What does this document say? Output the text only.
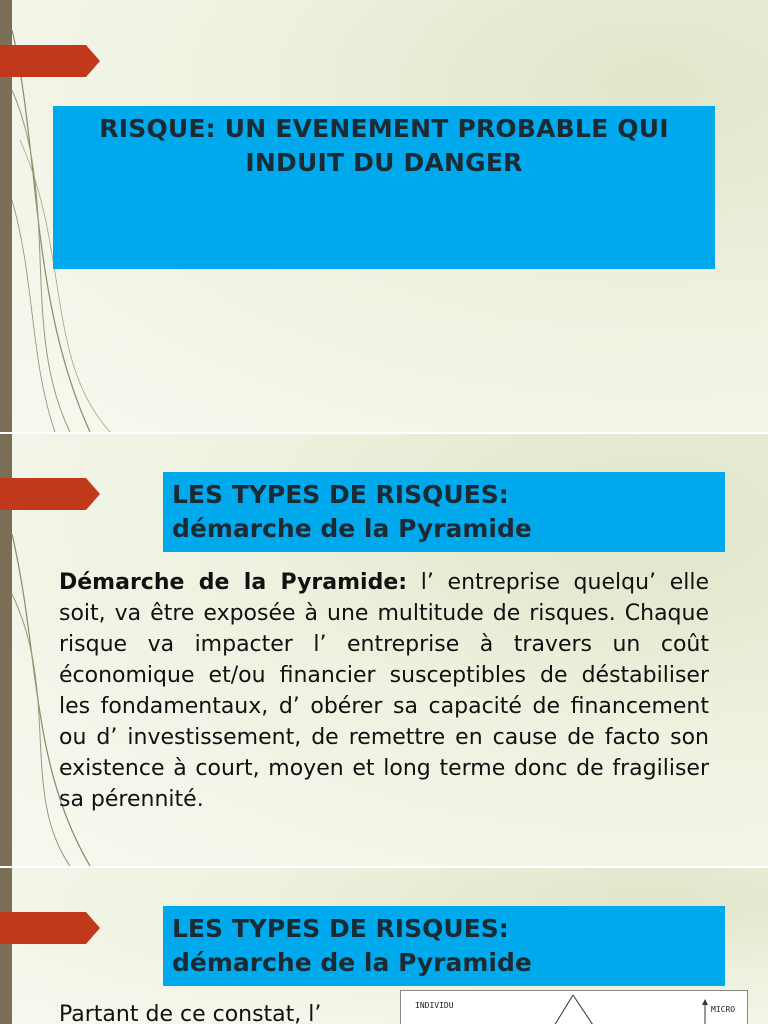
RISQUE: UN EVENEMENT PROBABLE QUI INDUIT DU DANGER
LES TYPES DE RISQUES:
démarche de la Pyramide
Démarche de la Pyramide: l’ entreprise quelqu’ elle soit, va être exposée à une multitude de risques. Chaque risque va impacter l’ entreprise à travers un coût économique et/ou financier susceptibles de déstabiliser les fondamentaux, d’ obérer sa capacité de financement ou d’ investissement, de remettre en cause de facto son existence à court, moyen et long terme donc de fragiliser sa pérennité.
LES TYPES DE RISQUES:
démarche de la Pyramide
Partant de ce constat, l’	INDIVIDU	MICRO
